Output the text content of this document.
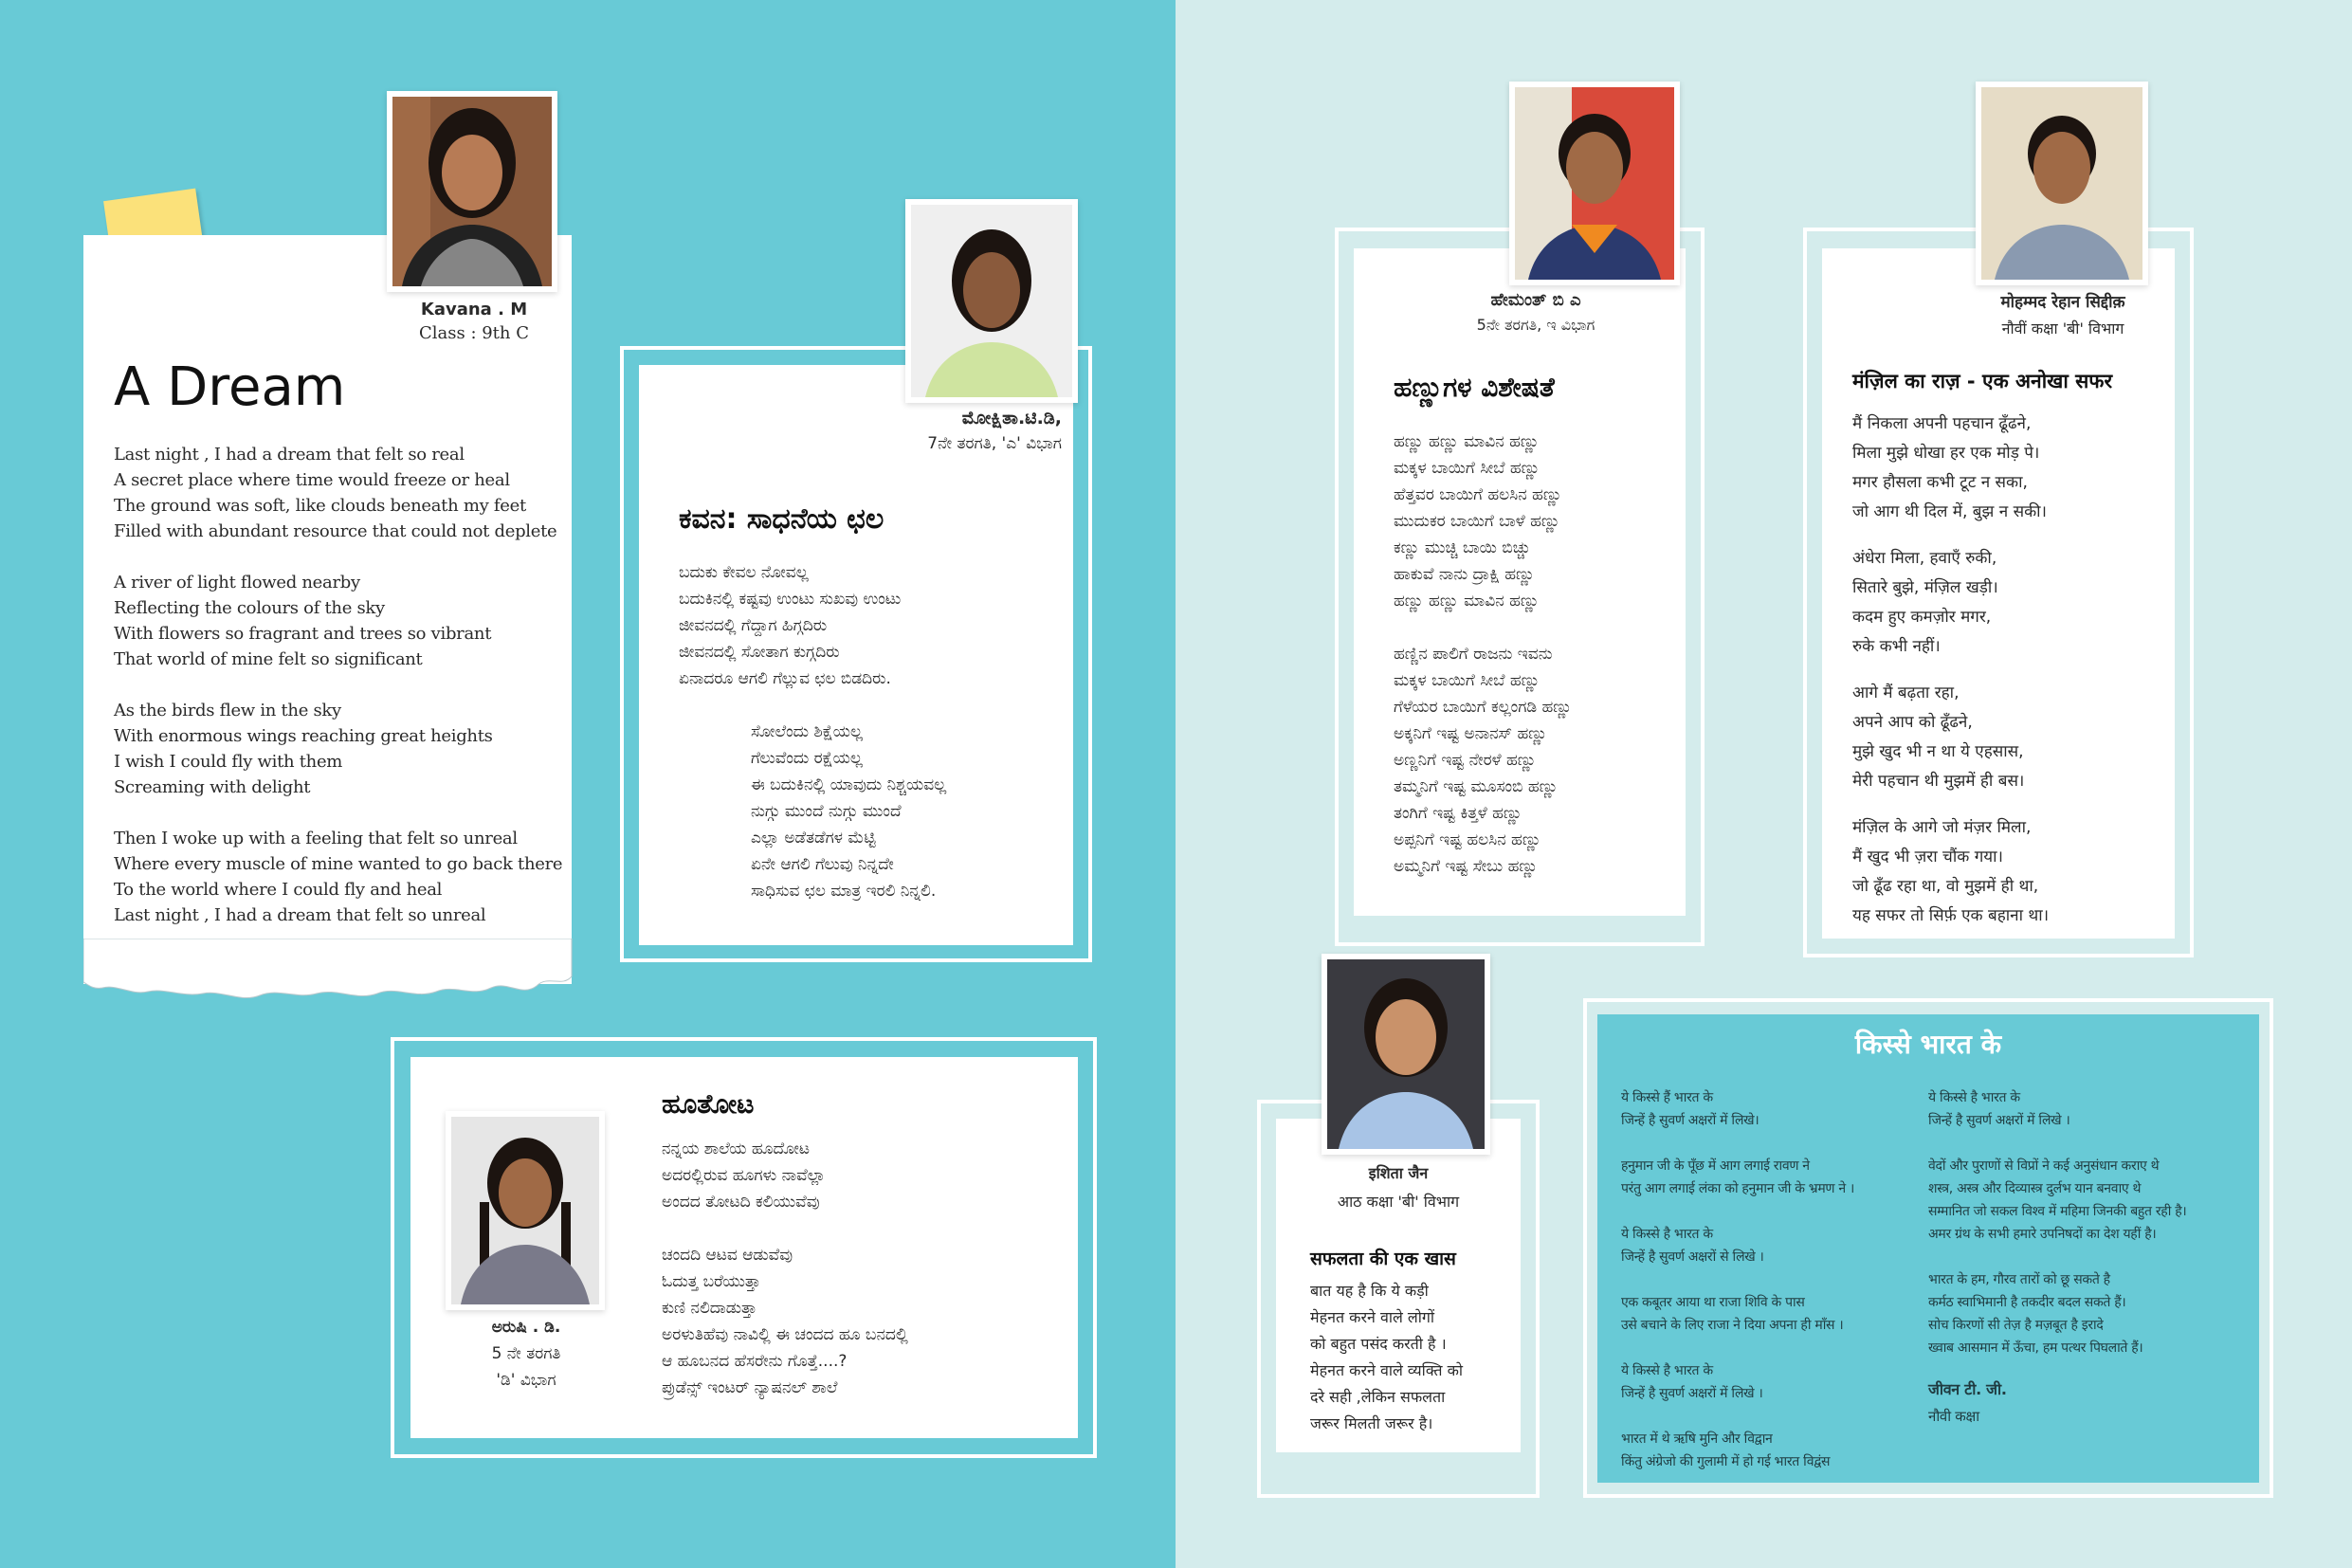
Kavana . M
Class : 9th C
A Dream
Last night , I had a dream that felt so real
A secret place where time would freeze or heal
The ground was soft, like clouds beneath my feet
Filled with abundant resource that could not deplete
A river of light flowed nearby
Reflecting the colours of the sky
With flowers so fragrant and trees so vibrant
That world of mine felt so significant
As the birds flew in the sky
With enormous wings reaching great heights
I wish I could fly with them
Screaming with delight
Then I woke up with a feeling that felt so unreal
Where every muscle of mine wanted to go back there
To the world where I could fly and heal
Last night , I had a dream that felt so unreal
ಮೋಕ್ಷಿತಾ.ಟಿ.ಡಿ,
7ನೇ ತರಗತಿ, 'ಎ' ವಿಭಾಗ
ಕವನ: ಸಾಧನೆಯ ಛಲ
ಬದುಕು ಕೇವಲ ನೋವಲ್ಲ
ಬದುಕಿನಲ್ಲಿ ಕಷ್ಟವು ಉಂಟು ಸುಖವು ಉಂಟು
ಜೀವನದಲ್ಲಿ ಗೆದ್ದಾಗ ಹಿಗ್ಗದಿರು
ಜೀವನದಲ್ಲಿ ಸೋತಾಗ ಕುಗ್ಗದಿರು
ಏನಾದರೂ ಆಗಲಿ ಗೆಲ್ಲುವ ಛಲ ಬಿಡದಿರು.
ಸೋಲೆಂದು ಶಿಕ್ಷೆಯಲ್ಲ
ಗೆಲುವೆಂದು ರಕ್ಷೆಯಲ್ಲ
ಈ ಬದುಕಿನಲ್ಲಿ ಯಾವುದು ನಿಶ್ಚಯವಲ್ಲ
ನುಗ್ಗು ಮುಂದೆ ನುಗ್ಗು ಮುಂದೆ
ಎಲ್ಲಾ ಅಡೆತಡೆಗಳ ಮೆಟ್ಟಿ
ಏನೇ ಆಗಲಿ ಗೆಲುವು ನಿನ್ನದೇ
ಸಾಧಿಸುವ ಛಲ ಮಾತ್ರ ಇರಲಿ ನಿನ್ನಲಿ.
ಅರುಷಿ . ಡಿ.
5 ನೇ ತರಗತಿ
'ಡಿ' ವಿಭಾಗ
ಹೂತೋಟ
ನನ್ನಯ ಶಾಲೆಯ ಹೂದೋಟ
ಅದರಲ್ಲಿರುವ ಹೂಗಳು ನಾವೆಲ್ಲಾ
ಅಂದದ ತೋಟದಿ ಕಲಿಯುವೆವು
ಚಂದದಿ ಆಟವ ಆಡುವೆವು
ಓದುತ್ತ ಬರೆಯುತ್ತಾ
ಕುಣಿ ನಲಿದಾಡುತ್ತಾ
ಅರಳುತಿಹೆವು ನಾವಿಲ್ಲಿ ಈ ಚಂದದ ಹೂ ಬನದಲ್ಲಿ
ಆ ಹೂಬನದ ಹೆಸರೇನು ಗೊತ್ತೆ....?
ಪ್ರುಡೆನ್ಸ್ ಇಂಟರ್ ನ್ಯಾಷನಲ್ ಶಾಲೆ
ಹೇಮಂತ್ ಬಿ ಎ
5ನೇ ತರಗತಿ, ಇ ವಿಭಾಗ
ಹಣ್ಣುಗಳ ವಿಶೇಷತೆ
ಹಣ್ಣು ಹಣ್ಣು ಮಾವಿನ ಹಣ್ಣು
ಮಕ್ಕಳ ಬಾಯಿಗೆ ಸೀಬೆ ಹಣ್ಣು
ಹೆತ್ತವರ ಬಾಯಿಗೆ ಹಲಸಿನ ಹಣ್ಣು
ಮುದುಕರ ಬಾಯಿಗೆ ಬಾಳೆ ಹಣ್ಣು
ಕಣ್ಣು ಮುಚ್ಚಿ ಬಾಯಿ ಬಿಚ್ಚು
ಹಾಕುವೆ ನಾನು ದ್ರಾಕ್ಷಿ ಹಣ್ಣು
ಹಣ್ಣು ಹಣ್ಣು ಮಾವಿನ ಹಣ್ಣು
ಹಣ್ಣಿನ ಪಾಲಿಗೆ ರಾಜನು ಇವನು
ಮಕ್ಕಳ ಬಾಯಿಗೆ ಸೀಬೆ ಹಣ್ಣು
ಗೆಳೆಯರ ಬಾಯಿಗೆ ಕಲ್ಲಂಗಡಿ ಹಣ್ಣು
ಅಕ್ಕನಿಗೆ ಇಷ್ಟ ಅನಾನಸ್ ಹಣ್ಣು
ಅಣ್ಣನಿಗೆ ಇಷ್ಟ ನೇರಳೆ ಹಣ್ಣು
ತಮ್ಮನಿಗೆ ಇಷ್ಟ ಮೂಸಂಬಿ ಹಣ್ಣು
ತಂಗಿಗೆ ಇಷ್ಟ ಕಿತ್ತಳೆ ಹಣ್ಣು
ಅಪ್ಪನಿಗೆ ಇಷ್ಟ ಹಲಸಿನ ಹಣ್ಣು
ಅಮ್ಮನಿಗೆ ಇಷ್ಟ ಸೇಬು ಹಣ್ಣು
मोहम्मद रेहान सिद्दीक़
नौवीं कक्षा 'बी' विभाग
मंज़िल का राज़ - एक अनोखा सफर
मैं निकला अपनी पहचान ढूँढने,
मिला मुझे धोखा हर एक मोड़ पे।
मगर हौसला कभी टूट न सका,
जो आग थी दिल में, बुझ न सकी।
अंधेरा मिला, हवाएँ रुकी,
सितारे बुझे, मंज़िल खड़ी।
कदम हुए कमज़ोर मगर,
रुके कभी नहीं।
आगे मैं बढ़ता रहा,
अपने आप को ढूँढने,
मुझे खुद भी न था ये एहसास,
मेरी पहचान थी मुझमें ही बस।
मंज़िल के आगे जो मंज़र मिला,
मैं खुद भी ज़रा चौंक गया।
जो ढूँढ रहा था, वो मुझमें ही था,
यह सफर तो सिर्फ़ एक बहाना था।
इशिता जैन
आठ कक्षा 'बी' विभाग
सफलता की एक खास
बात यह है कि ये कड़ी
मेहनत करने वाले लोगों
को बहुत पसंद करती है ।
मेहनत करने वाले व्यक्ति को
दरे सही ,लेकिन सफलता
जरूर मिलती जरूर है।
किस्से भारत के
ये किस्से हैं भारत के
जिन्हें है सुवर्ण अक्षरों में लिखे।
हनुमान जी के पूँछ में आग लगाई रावण ने
परंतु आग लगाई लंका को हनुमान जी के भ्रमण ने ।
ये किस्से है भारत के
जिन्हें है सुवर्ण अक्षरों से लिखे ।
एक कबूतर आया था राजा शिवि के पास
उसे बचाने के लिए राजा ने दिया अपना ही माँस ।
ये किस्से है भारत के
जिन्हें है सुवर्ण अक्षरों में लिखे ।
भारत में थे ऋषि मुनि और विद्वान
किंतु अंग्रेजो की गुलामी में हो गई भारत विद्वंस
ये किस्से है भारत के
जिन्हें है सुवर्ण अक्षरों में लिखे ।
वेदों और पुराणों से विप्रों ने कई अनुसंधान कराए थे
शस्त्र, अस्त्र और दिव्यास्त्र दुर्लभ यान बनवाए थे
सम्मानित जो सकल विश्व में महिमा जिनकी बहुत रही है।
अमर ग्रंथ के सभी हमारे उपनिषदों का देश यहीं है।
भारत के हम, गौरव तारों को छू सकते है
कर्मठ स्वाभिमानी है तकदीर बदल सकते हैं।
सोच किरणों सी तेज़ है मज़बूत है इरादे
ख्वाब आसमान में ऊँचा, हम पत्थर पिघलाते हैं।
जीवन टी. जी.
नौवी कक्षा
